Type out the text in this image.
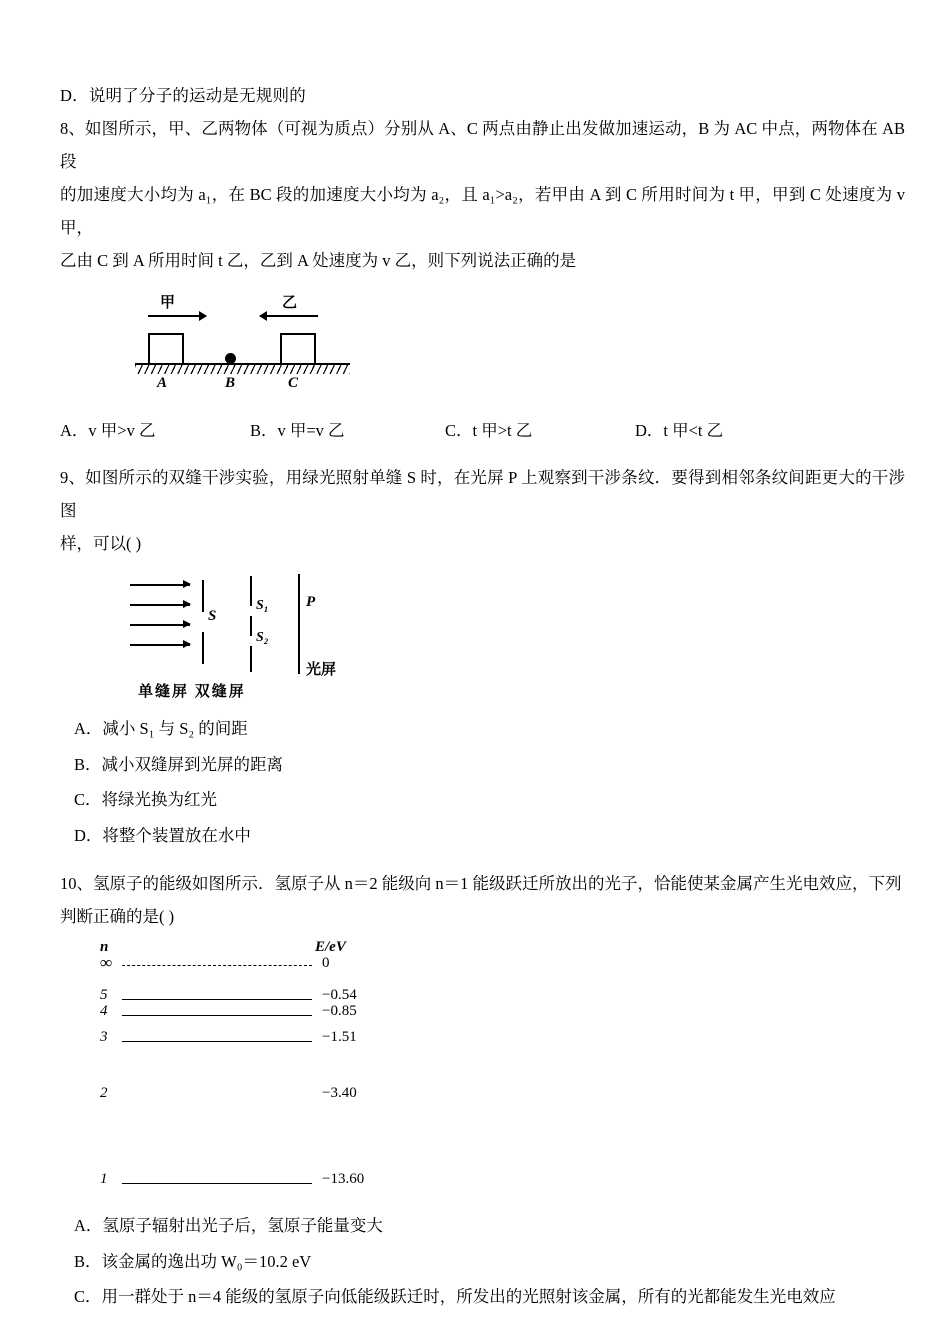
D．说明了分子的运动是无规则的
8、如图所示，甲、乙两物体（可视为质点）分别从 A、C 两点由静止出发做加速运动，B 为 AC 中点，两物体在 AB 段
的加速度大小均为 a₁，在 BC 段的加速度大小均为 a₂，且 a₁>a₂，若甲由 A 到 C 所用时间为 t 甲，甲到 C 处速度为 v 甲，
乙由 C 到 A 所用时间 t 乙，乙到 A 处速度为 v 乙，则下列说法正确的是
甲	乙
A	B	C
A．v 甲>v 乙	B．v 甲=v 乙	C．t 甲>t 乙	D．t 甲<t 乙
9、如图所示的双缝干涉实验，用绿光照射单缝 S 时，在光屏 P 上观察到干涉条纹．要得到相邻条纹间距更大的干涉图
样，可以( )
S
S₁
S₂
P
光屏
单缝屏 双缝屏
A．减小 S₁ 与 S₂ 的间距
B．减小双缝屏到光屏的距离
C．将绿光换为红光
D．将整个装置放在水中
10、氢原子的能级如图所示．氢原子从 n＝2 能级向 n＝1 能级跃迁所放出的光子，恰能使某金属产生光电效应，下列
判断正确的是( )
n	E/eV
∞	0
5	−0.54
4	−0.85
3	−1.51
2	−3.40
1	−13.60
A．氢原子辐射出光子后，氢原子能量变大
B．该金属的逸出功 W₀＝10.2 eV
C．用一群处于 n＝4 能级的氢原子向低能级跃迁时，所发出的光照射该金属，所有的光都能发生光电效应
